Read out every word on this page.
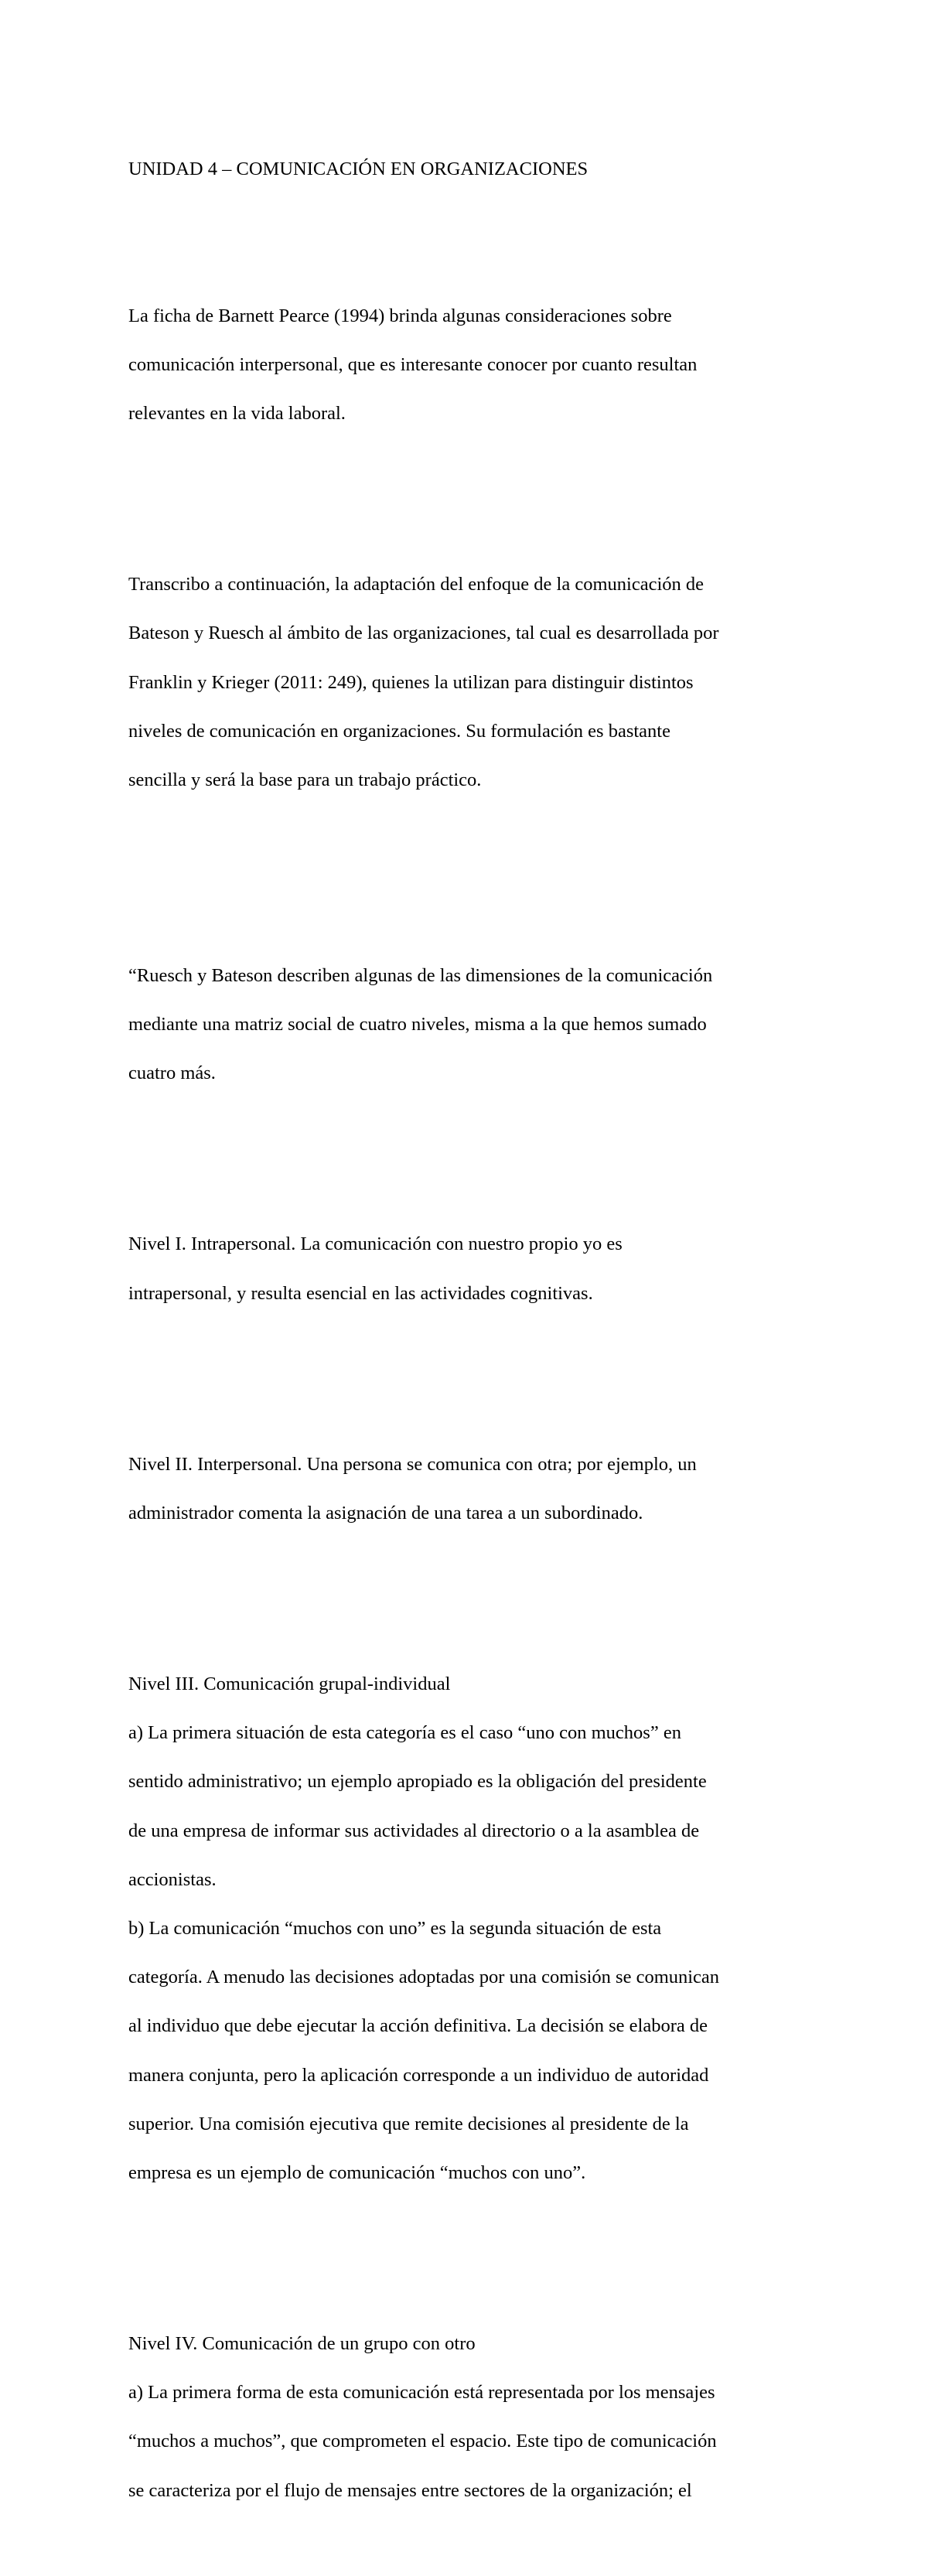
UNIDAD 4 – COMUNICACIÓN EN ORGANIZACIONES

La ficha de Barnett Pearce (1994) brinda algunas consideraciones sobre

comunicación interpersonal, que es interesante conocer por cuanto resultan

relevantes en la vida laboral.

Transcribo a continuación, la adaptación del enfoque de la comunicación de

Bateson y Ruesch al ámbito de las organizaciones, tal cual es desarrollada por

Franklin y Krieger (2011: 249), quienes la utilizan para distinguir distintos

niveles de comunicación en organizaciones. Su formulación es bastante

sencilla y será la base para un trabajo práctico.

“Ruesch y Bateson describen algunas de las dimensiones de la comunicación

mediante una matriz social de cuatro niveles, misma a la que hemos sumado

cuatro más.

Nivel I. Intrapersonal. La comunicación con nuestro propio yo es

intrapersonal, y resulta esencial en las actividades cognitivas.

Nivel II. Interpersonal. Una persona se comunica con otra; por ejemplo, un

administrador comenta la asignación de una tarea a un subordinado.

Nivel III. Comunicación grupal-individual

a) La primera situación de esta categoría es el caso “uno con muchos” en

sentido administrativo; un ejemplo apropiado es la obligación del presidente

de una empresa de informar sus actividades al directorio o a la asamblea de

accionistas.

b) La comunicación “muchos con uno” es la segunda situación de esta

categoría. A menudo las decisiones adoptadas por una comisión se comunican

al individuo que debe ejecutar la acción definitiva. La decisión se elabora de

manera conjunta, pero la aplicación corresponde a un individuo de autoridad

superior. Una comisión ejecutiva que remite decisiones al presidente de la

empresa es un ejemplo de comunicación “muchos con uno”.

Nivel IV. Comunicación de un grupo con otro

a) La primera forma de esta comunicación está representada por los mensajes

“muchos a muchos”, que comprometen el espacio. Este tipo de comunicación

se caracteriza por el flujo de mensajes entre sectores de la organización; el
